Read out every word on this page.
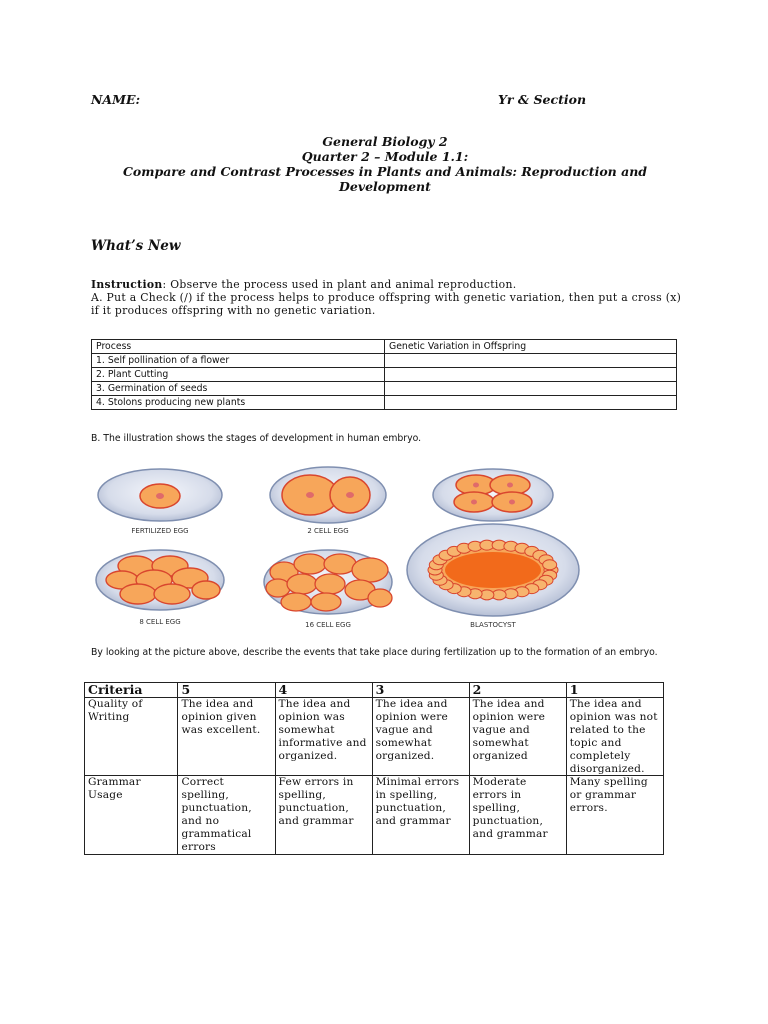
NAME:	Yr & Section
General Biology 2
Quarter 2 – Module 1.1:
Compare and Contrast Processes in Plants and Animals: Reproduction and Development
What’s New
Instruction: Observe the process used in plant and animal reproduction.
A. Put a Check (/) if the process helps to produce offspring with genetic variation, then put a cross (x) if it produces offspring with no genetic variation.
Process	Genetic Variation in Offspring
1. Self pollination of a flower	
2. Plant Cutting	
3. Germination of seeds	
4. Stolons producing new plants	
B. The illustration shows the stages of development in human embryo.
FERTILIZED EGG	2 CELL EGG
8 CELL EGG	16 CELL EGG	BLASTOCYST
By looking at the picture above, describe the events that take place during fertilization up to the formation of an embryo.
Criteria	5	4	3	2	1
Quality of Writing	The idea and opinion given was excellent.	The idea and opinion was somewhat informative and organized.	The idea and opinion were vague and somewhat organized.	The idea and opinion were vague and somewhat organized	The idea and opinion was not related to the topic and completely disorganized.
Grammar Usage	Correct spelling, punctuation, and no grammatical errors	Few errors in spelling, punctuation, and grammar	Minimal errors in spelling, punctuation, and grammar	Moderate errors in spelling, punctuation, and grammar	Many spelling or grammar errors.
